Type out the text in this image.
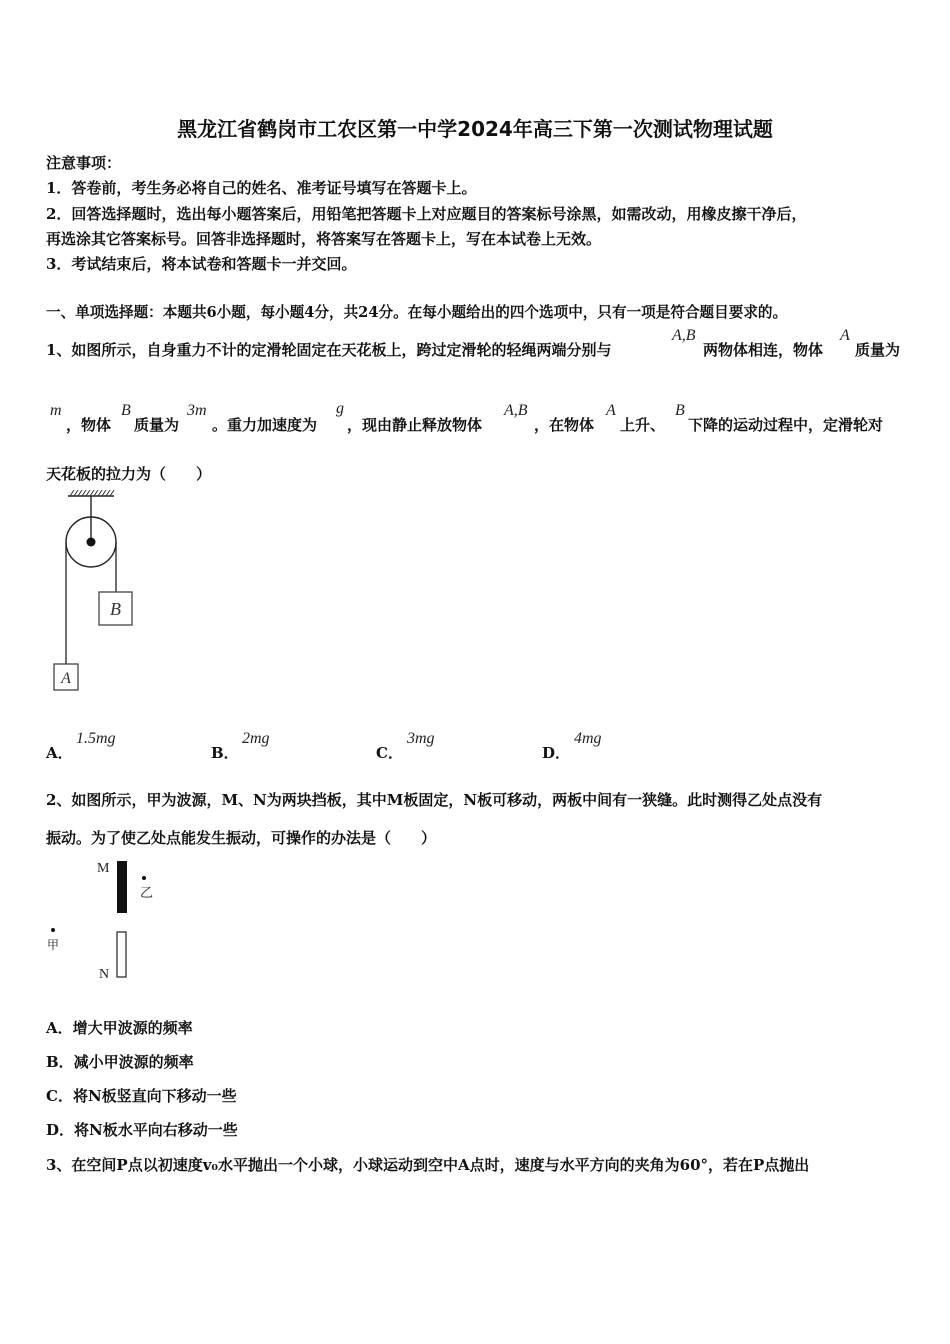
黑龙江省鹤岗市工农区第一中学2024年高三下第一次测试物理试题
注意事项：
1．答卷前，考生务必将自己的姓名、准考证号填写在答题卡上。
2．回答选择题时，选出每小题答案后，用铅笔把答题卡上对应题目的答案标号涂黑，如需改动，用橡皮擦干净后，
再选涂其它答案标号。回答非选择题时，将答案写在答题卡上，写在本试卷上无效。
3．考试结束后，将本试卷和答题卡一并交回。
一、单项选择题：本题共6小题，每小题4分，共24分。在每小题给出的四个选项中，只有一项是符合题目要求的。
1、如图所示，自身重力不计的定滑轮固定在天花板上，跨过定滑轮的轻绳两端分别与
A,B
两物体相连，物体
A
质量为
m
，物体
B
质量为
3m
。重力加速度为
g
，现由静止释放物体
A,B
，在物体
A
上升、
B
下降的运动过程中，定滑轮对
天花板的拉力为（　　）
B
A
A．
1.5mg
B．
2mg
C．
3mg
D．
4mg
2、如图所示，甲为波源，M、N为两块挡板，其中M板固定，N板可移动，两板中间有一狭缝。此时测得乙处点没有
振动。为了使乙处点能发生振动，可操作的办法是（　　）
M
乙
甲
N
A．增大甲波源的频率
B．减小甲波源的频率
C．将N板竖直向下移动一些
D．将N板水平向右移动一些
3、在空间P点以初速度v₀水平抛出一个小球，小球运动到空中A点时，速度与水平方向的夹角为60°，若在P点抛出
